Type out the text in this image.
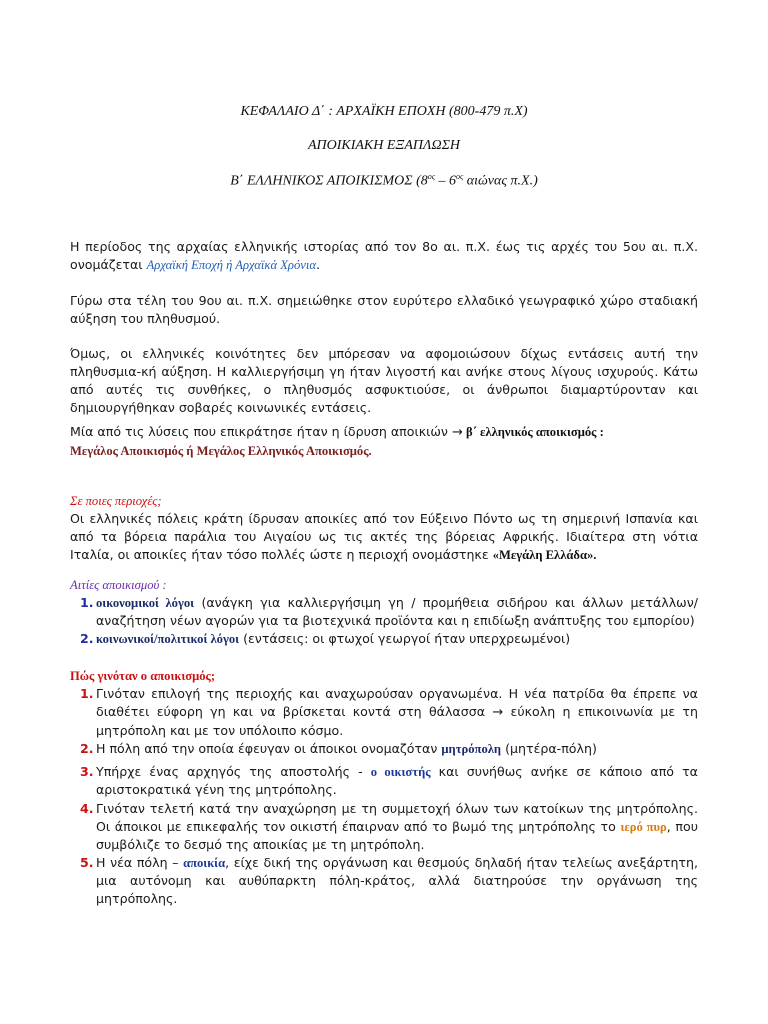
ΚΕΦΑΛΑΙΟ Δ΄ : ΑΡΧΑΪΚΗ ΕΠΟΧΗ (800-479 π.Χ)
ΑΠΟΙΚΙΑΚΗ ΕΞΑΠΛΩΣΗ
Β΄ ΕΛΛΗΝΙΚΟΣ ΑΠΟΙΚΙΣΜΟΣ ($8^{o\varsigma} - 6^{o\varsigma}$ αιώνας π.Χ.)
Η περίοδος της αρχαίας ελληνικής ιστορίας από τον 8ο αι. π.Χ. έως τις αρχές του 5ου αι. π.Χ. ονομάζεται Αρχαϊκή Εποχή ή Αρχαϊκά Χρόνια.
Γύρω στα τέλη του 9ου αι. π.Χ. σημειώθηκε στον ευρύτερο ελλαδικό γεωγραφικό χώρο σταδιακή αύξηση του πληθυσμού.
Όμως, οι ελληνικές κοινότητες δεν μπόρεσαν να αφομοιώσουν δίχως εντάσεις αυτή την πληθυσμια-κή αύξηση. Η καλλιεργήσιμη γη ήταν λιγοστή και ανήκε στους λίγους ισχυρούς. Κάτω από αυτές τις συνθήκες, ο πληθυσμός ασφυκτιούσε, οι άνθρωποι διαμαρτύρονταν και δημιουργήθηκαν σοβαρές κοινωνικές εντάσεις.
Μία από τις λύσεις που επικράτησε ήταν η ίδρυση αποικιών → β΄ ελληνικός αποικισμός :
Μεγάλος Αποικισμός ή Μεγάλος Ελληνικός Αποικισμός.
Σε ποιες περιοχές;
Οι ελληνικές πόλεις κράτη ίδρυσαν αποικίες από τον Εύξεινο Πόντο ως τη σημερινή Ισπανία και από τα βόρεια παράλια του Αιγαίου ως τις ακτές της βόρειας Αφρικής. Ιδιαίτερα στη νότια Ιταλία, οι αποικίες ήταν τόσο πολλές ώστε η περιοχή ονομάστηκε «Μεγάλη Ελλάδα».
Αιτίες αποικισμού :
1. οικονομικοί λόγοι (ανάγκη για καλλιεργήσιμη γη / προμήθεια σιδήρου και άλλων μετάλλων/ αναζήτηση νέων αγορών για τα βιοτεχνικά προϊόντα και η επιδίωξη ανάπτυξης του εμπορίου)
2. κοινωνικοί/πολιτικοί λόγοι (εντάσεις: οι φτωχοί γεωργοί ήταν υπερχρεωμένοι)
Πώς γινόταν ο αποικισμός;
1. Γινόταν επιλογή της περιοχής και αναχωρούσαν οργανωμένα. Η νέα πατρίδα θα έπρεπε να διαθέτει εύφορη γη και να βρίσκεται κοντά στη θάλασσα → εύκολη η επικοινωνία με τη μητρόπολη και με τον υπόλοιπο κόσμο.
2. Η πόλη από την οποία έφευγαν οι άποικοι ονομαζόταν μητρόπολη (μητέρα-πόλη)
3. Υπήρχε ένας αρχηγός της αποστολής - ο οικιστής και συνήθως ανήκε σε κάποιο από τα αριστοκρατικά γένη της μητρόπολης.
4. Γινόταν τελετή κατά την αναχώρηση με τη συμμετοχή όλων των κατοίκων της μητρόπολης. Οι άποικοι με επικεφαλής τον οικιστή έπαιρναν από το βωμό της μητρόπολης το ιερό πυρ, που συμβόλιζε το δεσμό της αποικίας με τη μητρόπολη.
5. Η νέα πόλη – αποικία, είχε δική της οργάνωση και θεσμούς δηλαδή ήταν τελείως ανεξάρτητη, μια αυτόνομη και αυθύπαρκτη πόλη-κράτος, αλλά διατηρούσε την οργάνωση της μητρόπολης.
